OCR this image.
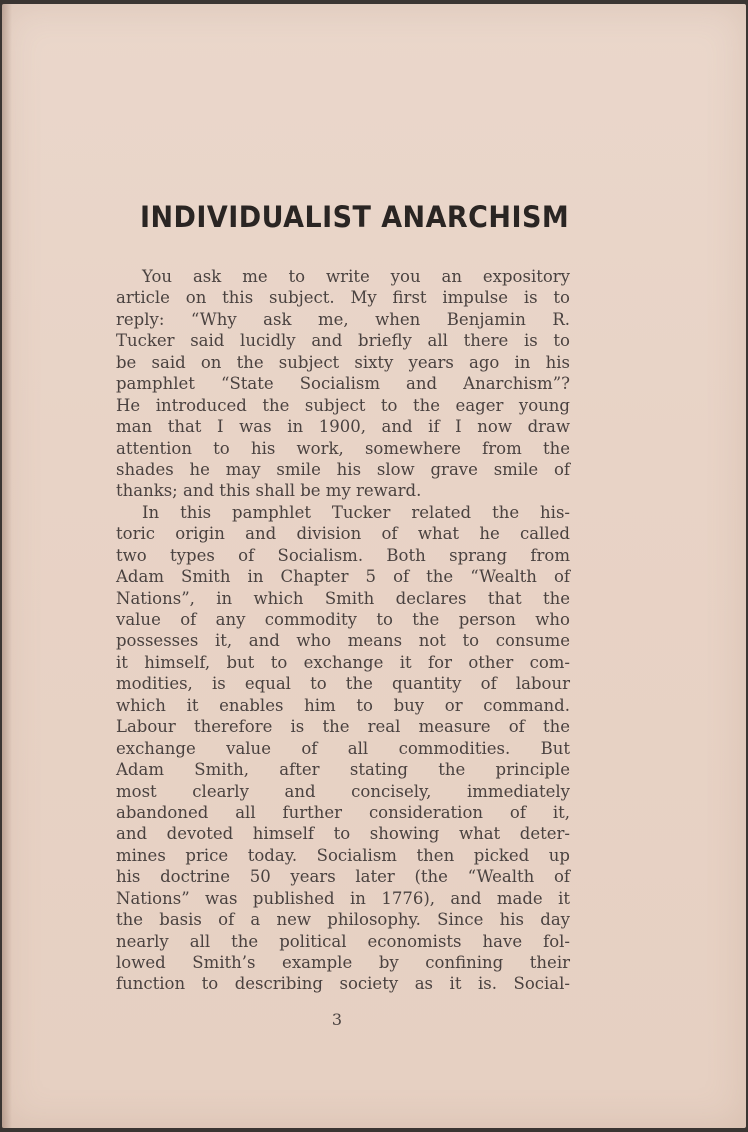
INDIVIDUALIST ANARCHISM
You ask me to write you an expository
article on this subject. My first impulse is to
reply: “Why ask me, when Benjamin R.
Tucker said lucidly and briefly all there is to
be said on the subject sixty years ago in his
pamphlet “State Socialism and Anarchism”?
He introduced the subject to the eager young
man that I was in 1900, and if I now draw
attention to his work, somewhere from the
shades he may smile his slow grave smile of
thanks; and this shall be my reward.
In this pamphlet Tucker related the his-
toric origin and division of what he called
two types of Socialism. Both sprang from
Adam Smith in Chapter 5 of the “Wealth of
Nations”, in which Smith declares that the
value of any commodity to the person who
possesses it, and who means not to consume
it himself, but to exchange it for other com-
modities, is equal to the quantity of labour
which it enables him to buy or command.
Labour therefore is the real measure of the
exchange value of all commodities. But
Adam Smith, after stating the principle
most clearly and concisely, immediately
abandoned all further consideration of it,
and devoted himself to showing what deter-
mines price today. Socialism then picked up
his doctrine 50 years later (the “Wealth of
Nations” was published in 1776), and made it
the basis of a new philosophy. Since his day
nearly all the political economists have fol-
lowed Smith’s example by confining their
function to describing society as it is. Social-
3
